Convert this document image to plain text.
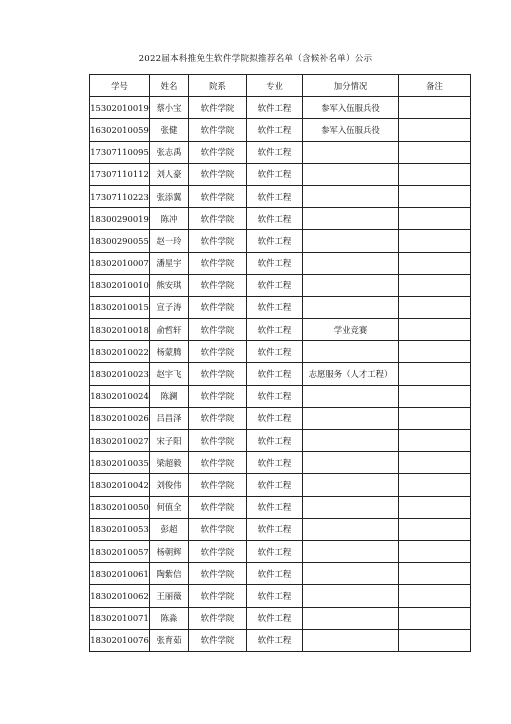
2022届本科推免生软件学院拟推荐名单（含候补名单）公示
学号	姓名	院系	专业	加分情况	备注
15302010019	蔡小宝	软件学院	软件工程	参军入伍服兵役	
16302010059	张健	软件学院	软件工程	参军入伍服兵役	
17307110095	张志禹	软件学院	软件工程		
17307110112	刘人豪	软件学院	软件工程		
17307110223	张添翼	软件学院	软件工程		
18300290019	陈冲	软件学院	软件工程		
18300290055	赵一玲	软件学院	软件工程		
18302010007	潘星宇	软件学院	软件工程		
18302010010	熊安琪	软件学院	软件工程		
18302010015	宣子涛	软件学院	软件工程		
18302010018	俞哲轩	软件学院	软件工程	学业竞赛	
18302010022	杨蒙腾	软件学院	软件工程		
18302010023	赵宇飞	软件学院	软件工程	志愿服务（人才工程）	
18302010024	陈澜	软件学院	软件工程		
18302010026	吕昌泽	软件学院	软件工程		
18302010027	宋子阳	软件学院	软件工程		
18302010035	梁超毅	软件学院	软件工程		
18302010042	刘俊伟	软件学院	软件工程		
18302010050	何值全	软件学院	软件工程		
18302010053	彭超	软件学院	软件工程		
18302010057	杨朝辉	软件学院	软件工程		
18302010061	陶紫信	软件学院	软件工程		
18302010062	王丽薇	软件学院	软件工程		
18302010071	陈淼	软件学院	软件工程		
18302010076	张育茹	软件学院	软件工程		
